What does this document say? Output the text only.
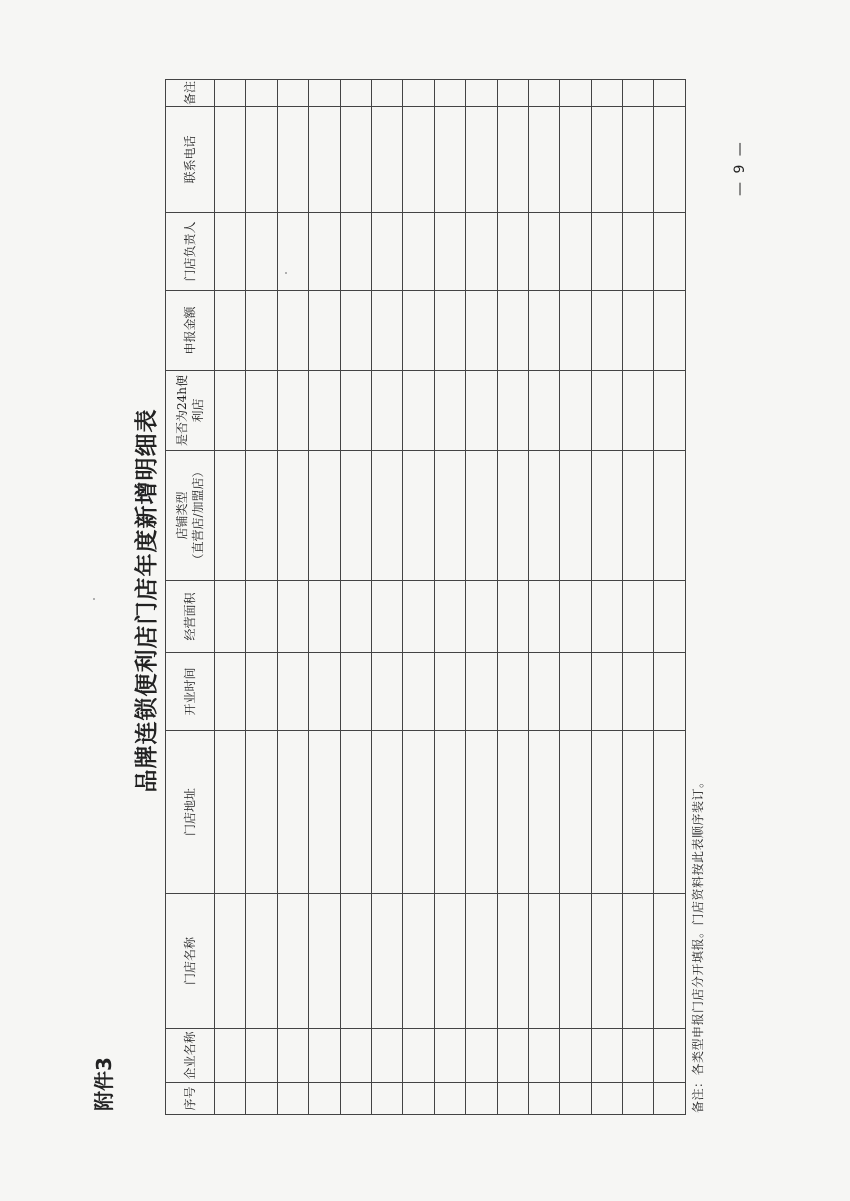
附件3
品牌连锁便利店门店年度新增明细表
序号	企业名称	门店名称	门店地址	开业时间	经营面积	店铺类型 （直营店/加盟店）	是否为24h便 利店	申报金额	门店负责人	联系电话	备注

备注：各类型申报门店分开填报。门店资料按此表顺序装订。
— 9 —
